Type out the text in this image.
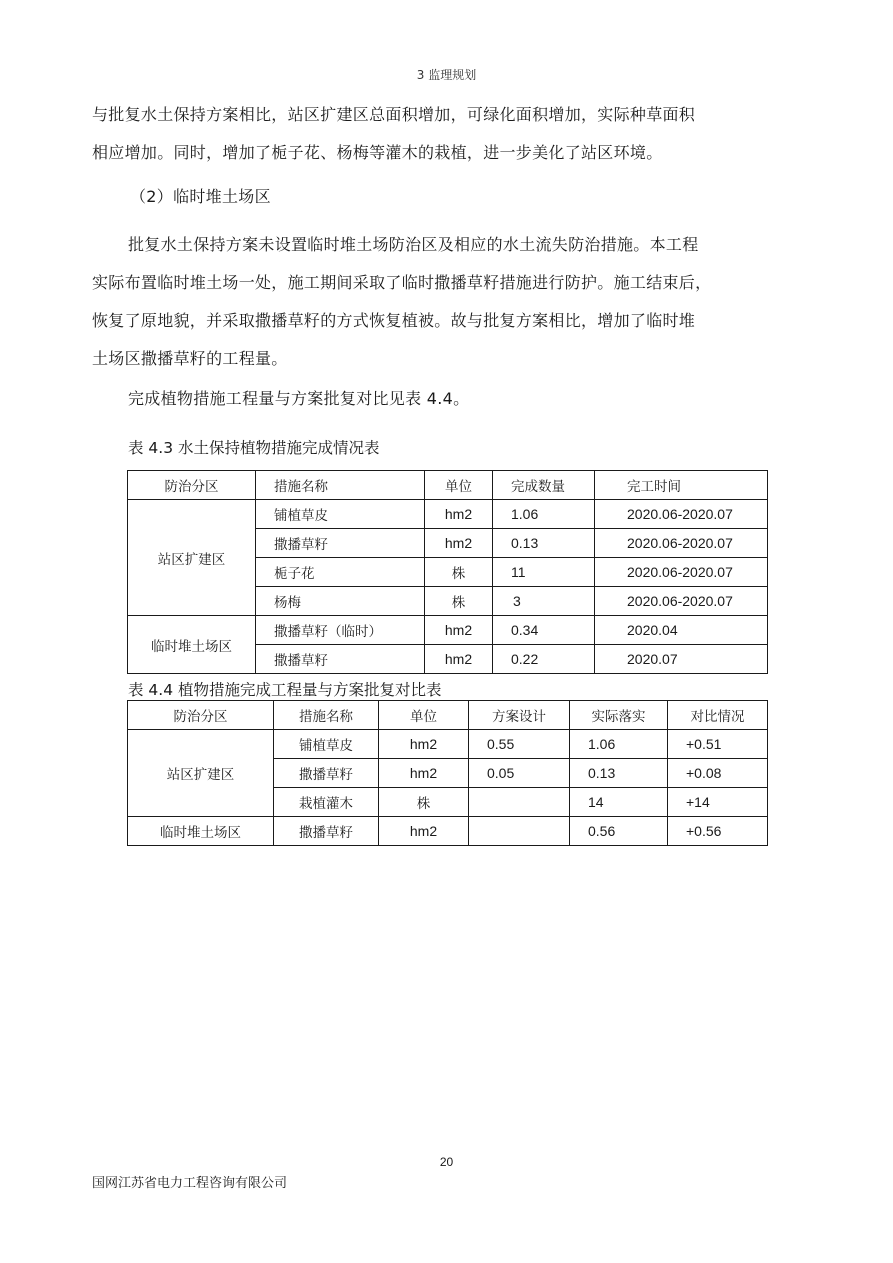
3 监理规划
与批复水土保持方案相比，站区扩建区总面积增加，可绿化面积增加，实际种草面积
相应增加。同时，增加了栀子花、杨梅等灌木的栽植，进一步美化了站区环境。
（2）临时堆土场区
批复水土保持方案未设置临时堆土场防治区及相应的水土流失防治措施。本工程
实际布置临时堆土场一处，施工期间采取了临时撒播草籽措施进行防护。施工结束后，
恢复了原地貌，并采取撒播草籽的方式恢复植被。故与批复方案相比，增加了临时堆
土场区撒播草籽的工程量。
完成植物措施工程量与方案批复对比见表 4.4。
表 4.3 水土保持植物措施完成情况表
防治分区	措施名称	单位	完成数量	完工时间
站区扩建区	铺植草皮	hm2	1.06	2020.06-2020.07
	撒播草籽	hm2	0.13	2020.06-2020.07
	栀子花	株	11	2020.06-2020.07
	杨梅	株	3	2020.06-2020.07
临时堆土场区	撒播草籽（临时）	hm2	0.34	2020.04
	撒播草籽	hm2	0.22	2020.07
表 4.4 植物措施完成工程量与方案批复对比表
防治分区	措施名称	单位	方案设计	实际落实	对比情况
站区扩建区	铺植草皮	hm2	0.55	1.06	+0.51
	撒播草籽	hm2	0.05	0.13	+0.08
	栽植灌木	株		14	+14
临时堆土场区	撒播草籽	hm2		0.56	+0.56
20
国网江苏省电力工程咨询有限公司
